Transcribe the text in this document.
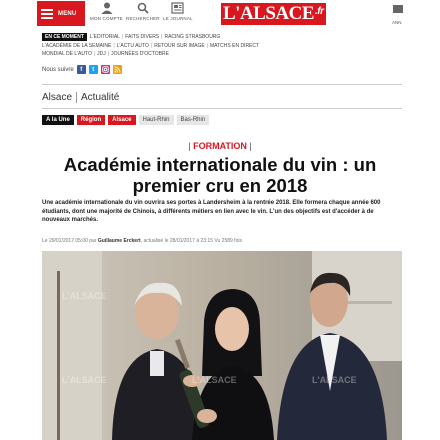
MENU
MON COMPTE RECHERCHER LE JOURNAL L'ALSACE .fr
ANN
EN CE MOMENT L'EDITORIAL | FAITS DIVERS | RACING STRASBOURG
L'ACADÉMIE DE LA SEMAINE | L'ACTU AUTO | RETOUR SUR IMAGE | MATCHS EN DIRECT
MONDIAL DE L'AUTO | JDJ | JOURNÉES D'OCTOBRE
Nous suivre	f	t
Alsace Actualité
A la Une	Région	Alsace	Haut-Rhin	Bas-Rhin
| FORMATION |
Académie internationale du vin : un premier cru en 2018

Une académie internationale du vin ouvrira ses portes à Landersheim à la rentrée 2018. Elle formera chaque année 600 étudiants, dont une majorité de Chinois, à différents métiers en lien avec le vin. L'un des objectifs est d'accéder à de nouveaux marchés.

Le 29/01/2017 05:00 par Guillaume Erckert, actualisé le 28/01/2017 à 23:15 Vu 2589 fois
L'ALSACE
L'ALSACE
L'ALSACE	L'ALSACE
